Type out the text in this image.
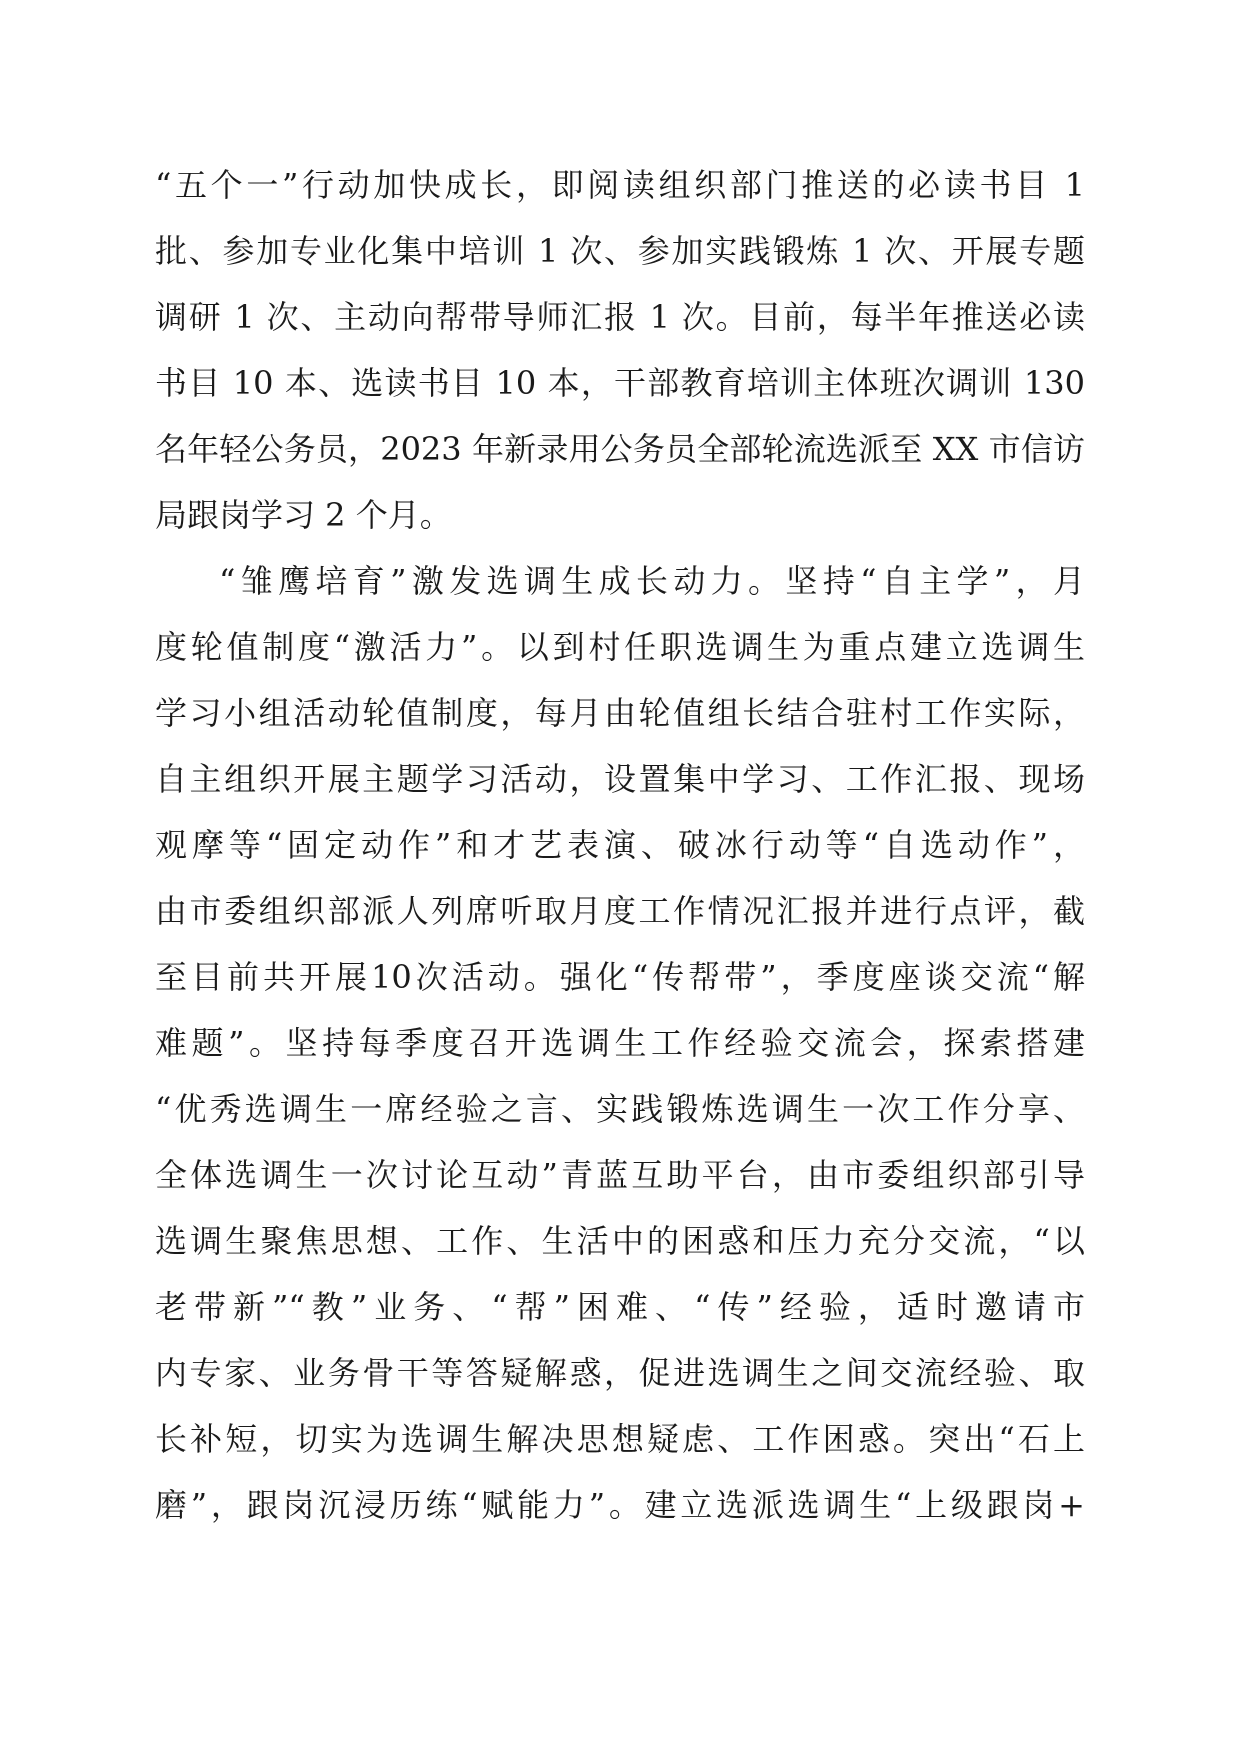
“五个一”行动加快成长，即阅读组织部门推送的必读书目 1
批、参加专业化集中培训 1 次、参加实践锻炼 1 次、开展专题
调研 1 次、主动向帮带导师汇报 1 次。目前，每半年推送必读
书目 10 本、选读书目 10 本，干部教育培训主体班次调训 130
名年轻公务员，2023 年新录用公务员全部轮流选派至 XX 市信访
局跟岗学习 2 个月。
“雏鹰培育”激发选调生成长动力。坚持“自主学”，月
度轮值制度“激活力”。以到村任职选调生为重点建立选调生
学习小组活动轮值制度，每月由轮值组长结合驻村工作实际，
自主组织开展主题学习活动，设置集中学习、工作汇报、现场
观摩等“固定动作”和才艺表演、破冰行动等“自选动作”，
由市委组织部派人列席听取月度工作情况汇报并进行点评，截
至目前共开展10次活动。强化“传帮带”，季度座谈交流“解
难题”。坚持每季度召开选调生工作经验交流会，探索搭建
“优秀选调生一席经验之言、实践锻炼选调生一次工作分享、
全体选调生一次讨论互动”青蓝互助平台，由市委组织部引导
选调生聚焦思想、工作、生活中的困惑和压力充分交流，“以
老带新”“教”业务、“帮”困难、“传”经验，适时邀请市
内专家、业务骨干等答疑解惑，促进选调生之间交流经验、取
长补短，切实为选调生解决思想疑虑、工作困惑。突出“石上
磨”，跟岗沉浸历练“赋能力”。建立选派选调生“上级跟岗+
